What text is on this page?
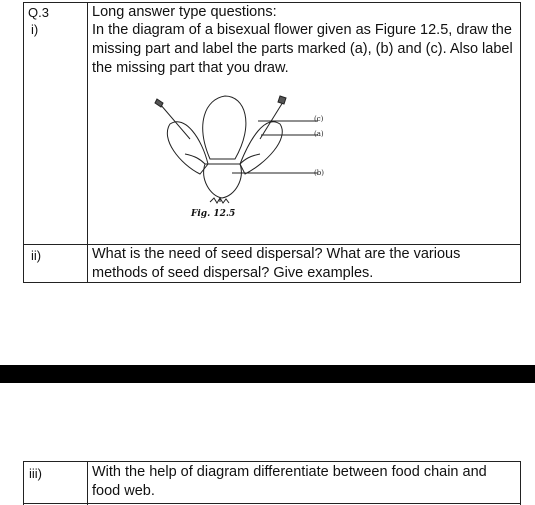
Q.3
i)
Long answer type questions:
In the diagram of a bisexual flower given as Figure 12.5, draw the missing part and label the parts marked (a), (b) and (c). Also label the missing part that you draw.
(c)
(a)
(b)
Fig. 12.5
ii)	What is the need of seed dispersal? What are the various methods of seed dispersal? Give examples.
iii)	With the help of diagram differentiate between food chain and food web.
